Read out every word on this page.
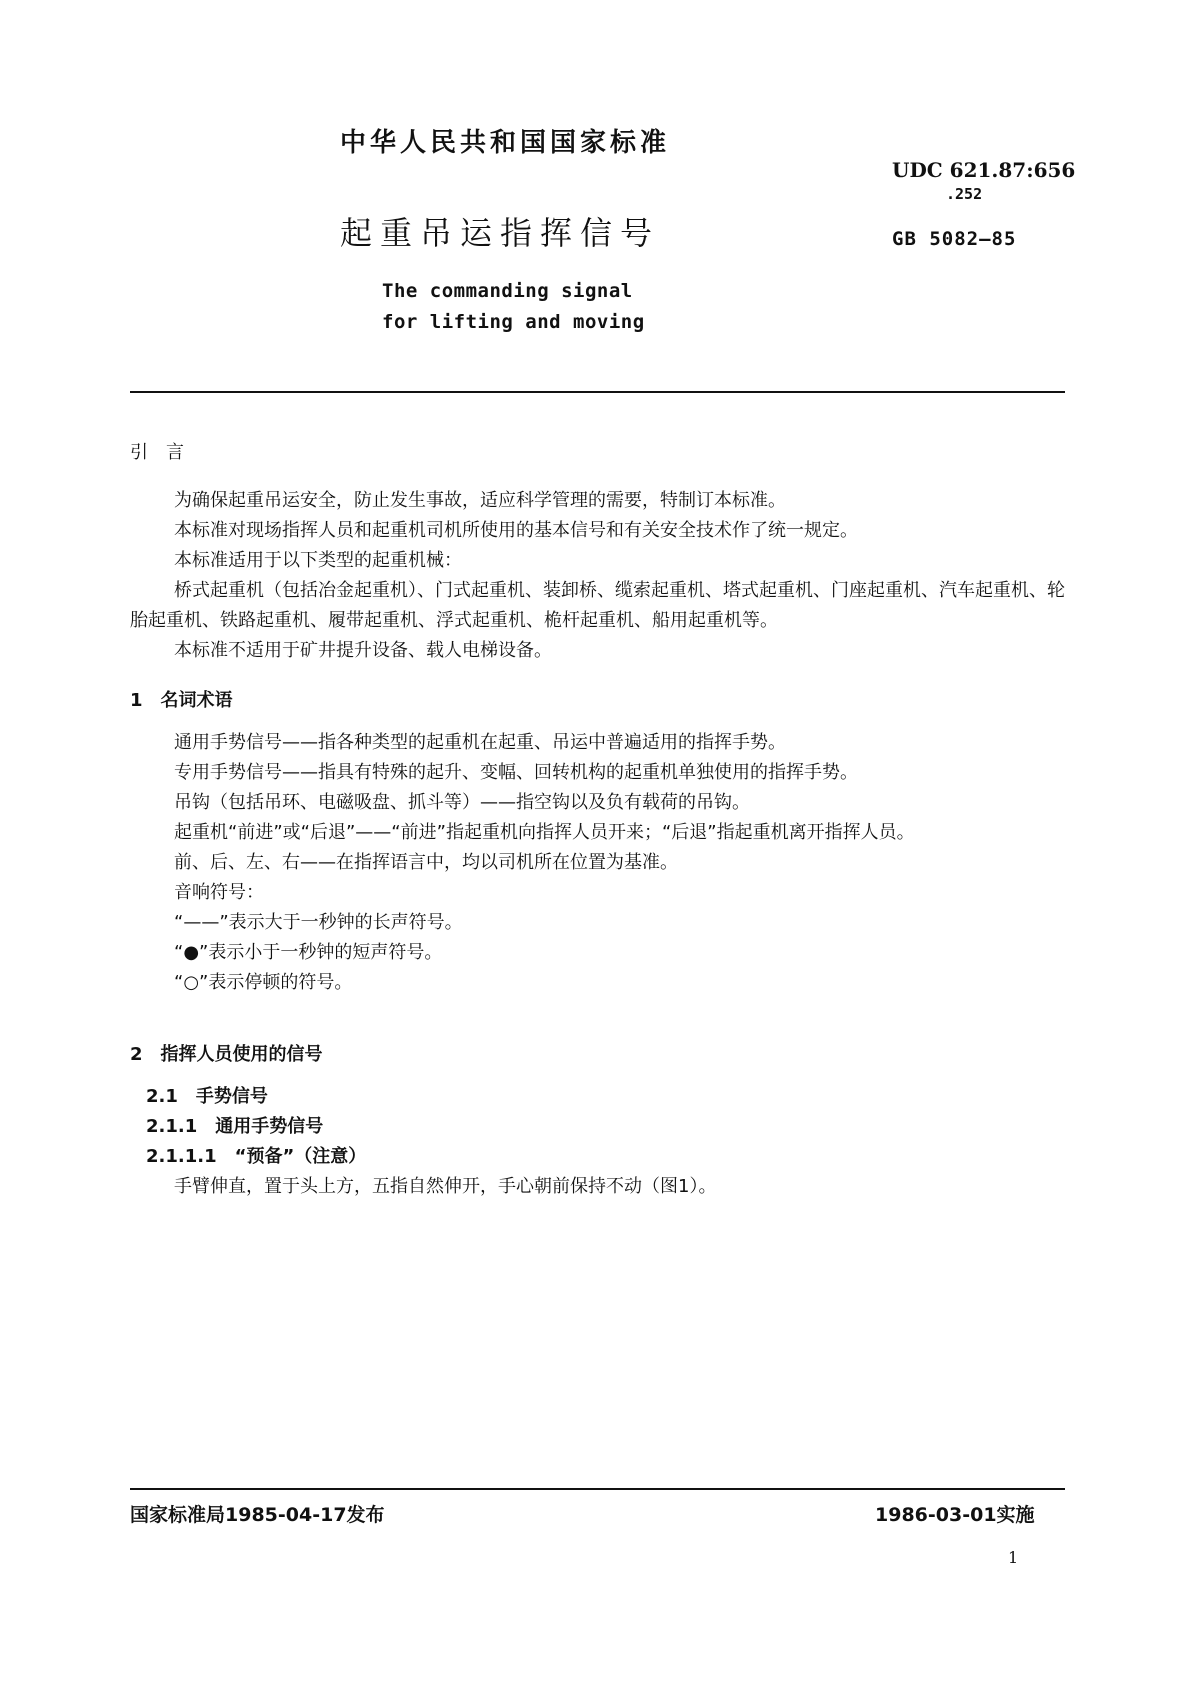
中华人民共和国国家标准
起重吊运指挥信号
The commanding signal
for lifting and moving
UDC 621.87:656
.252
GB 5082—85

引　言

为确保起重吊运安全，防止发生事故，适应科学管理的需要，特制订本标准。

本标准对现场指挥人员和起重机司机所使用的基本信号和有关安全技术作了统一规定。

本标准适用于以下类型的起重机械：

桥式起重机（包括冶金起重机）、门式起重机、装卸桥、缆索起重机、塔式起重机、门座起重机、汽车起重机、轮胎起重机、铁路起重机、履带起重机、浮式起重机、桅杆起重机、船用起重机等。

本标准不适用于矿井提升设备、载人电梯设备。

1　名词术语

通用手势信号——指各种类型的起重机在起重、吊运中普遍适用的指挥手势。

专用手势信号——指具有特殊的起升、变幅、回转机构的起重机单独使用的指挥手势。

吊钩（包括吊环、电磁吸盘、抓斗等）——指空钩以及负有载荷的吊钩。

起重机“前进”或“后退”——“前进”指起重机向指挥人员开来；“后退”指起重机离开指挥人员。

前、后、左、右——在指挥语言中，均以司机所在位置为基准。

音响符号：

“——”表示大于一秒钟的长声符号。

“●”表示小于一秒钟的短声符号。

“○”表示停顿的符号。

2　指挥人员使用的信号

2.1　手势信号

2.1.1　通用手势信号

2.1.1.1　“预备”（注意）

手臂伸直，置于头上方，五指自然伸开，手心朝前保持不动（图1）。

国家标准局1985-04-17发布	1986-03-01实施
1
